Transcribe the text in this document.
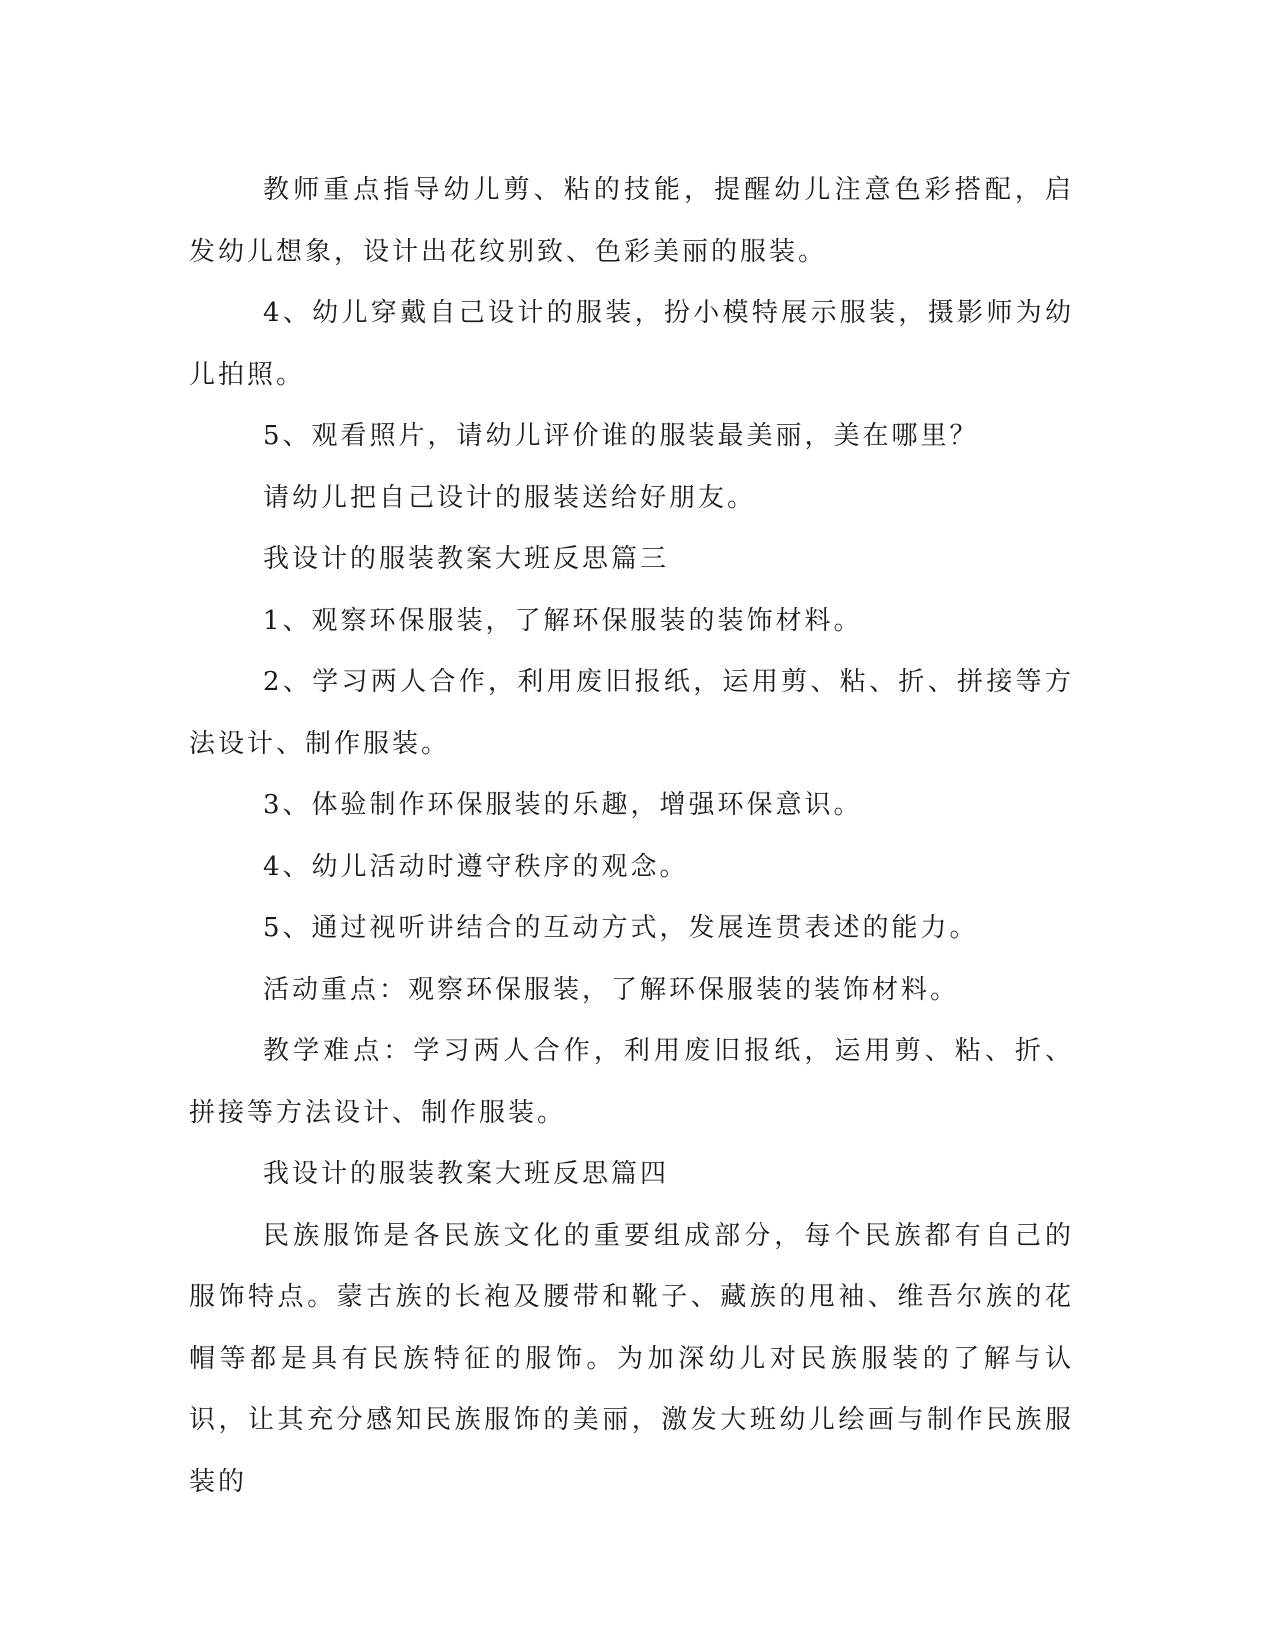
教师重点指导幼儿剪、粘的技能，提醒幼儿注意色彩搭配，启发幼儿想象，设计出花纹别致、色彩美丽的服装。

4、幼儿穿戴自己设计的服装，扮小模特展示服装，摄影师为幼儿拍照。

5、观看照片，请幼儿评价谁的服装最美丽，美在哪里？

请幼儿把自己设计的服装送给好朋友。

我设计的服装教案大班反思篇三

1、观察环保服装，了解环保服装的装饰材料。

2、学习两人合作，利用废旧报纸，运用剪、粘、折、拼接等方法设计、制作服装。

3、体验制作环保服装的乐趣，增强环保意识。

4、幼儿活动时遵守秩序的观念。

5、通过视听讲结合的互动方式，发展连贯表述的能力。

活动重点：观察环保服装，了解环保服装的装饰材料。

教学难点：学习两人合作，利用废旧报纸，运用剪、粘、折、拼接等方法设计、制作服装。

我设计的服装教案大班反思篇四

民族服饰是各民族文化的重要组成部分，每个民族都有自己的服饰特点。蒙古族的长袍及腰带和靴子、藏族的甩袖、维吾尔族的花帽等都是具有民族特征的服饰。为加深幼儿对民族服装的了解与认识，让其充分感知民族服饰的美丽，激发大班幼儿绘画与制作民族服装的
